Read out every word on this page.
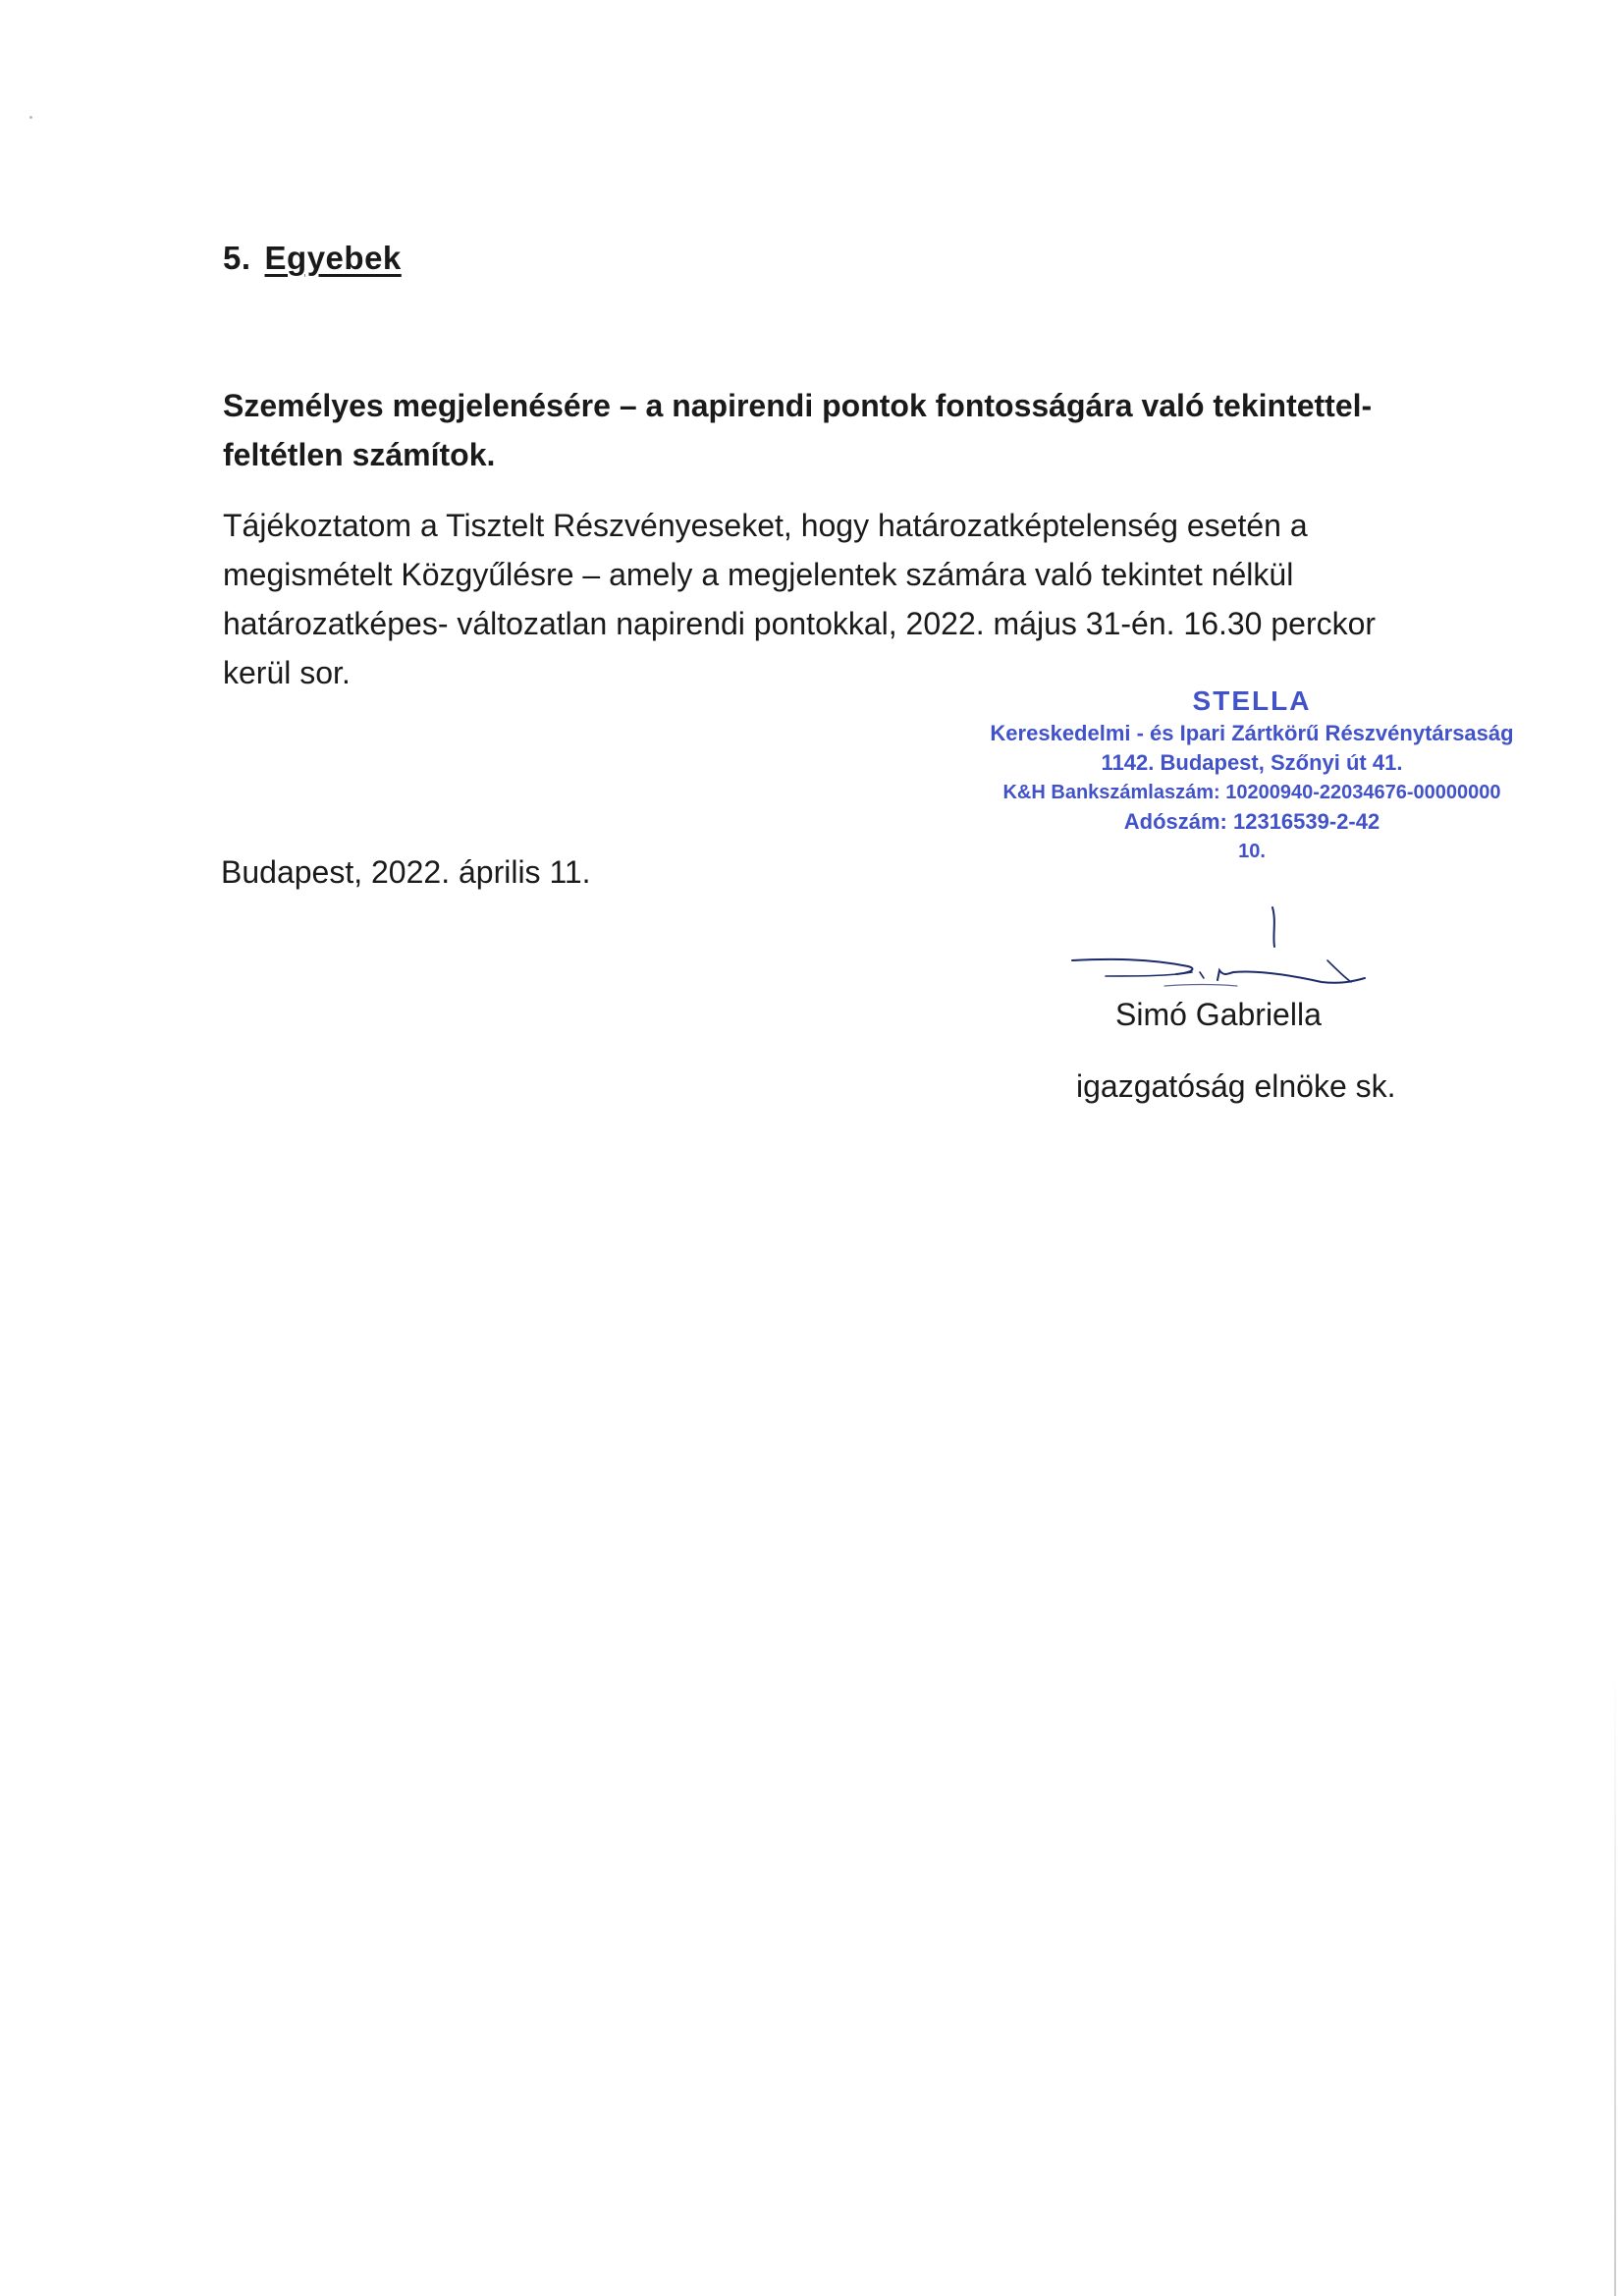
5. Egyebek
Személyes megjelenésére – a napirendi pontok fontosságára való tekintettel- feltétlen számítok.
Tájékoztatom a Tisztelt Részvényeseket, hogy határozatképtelenség esetén a megismételt Közgyűlésre – amely a megjelentek számára való tekintet nélkül határozatképes- változatlan napirendi pontokkal, 2022. május 31-én. 16.30 perckor kerül sor.
Budapest, 2022. április 11.
STELLA
Kereskedelmi - és Ipari Zártkörű Részvénytársaság
1142. Budapest, Szőnyi út 41.
K&H Bankszámlaszám: 10200940-22034676-00000000
Adószám: 12316539-2-42
10.
Simó Gabriella
igazgatóság elnöke sk.
